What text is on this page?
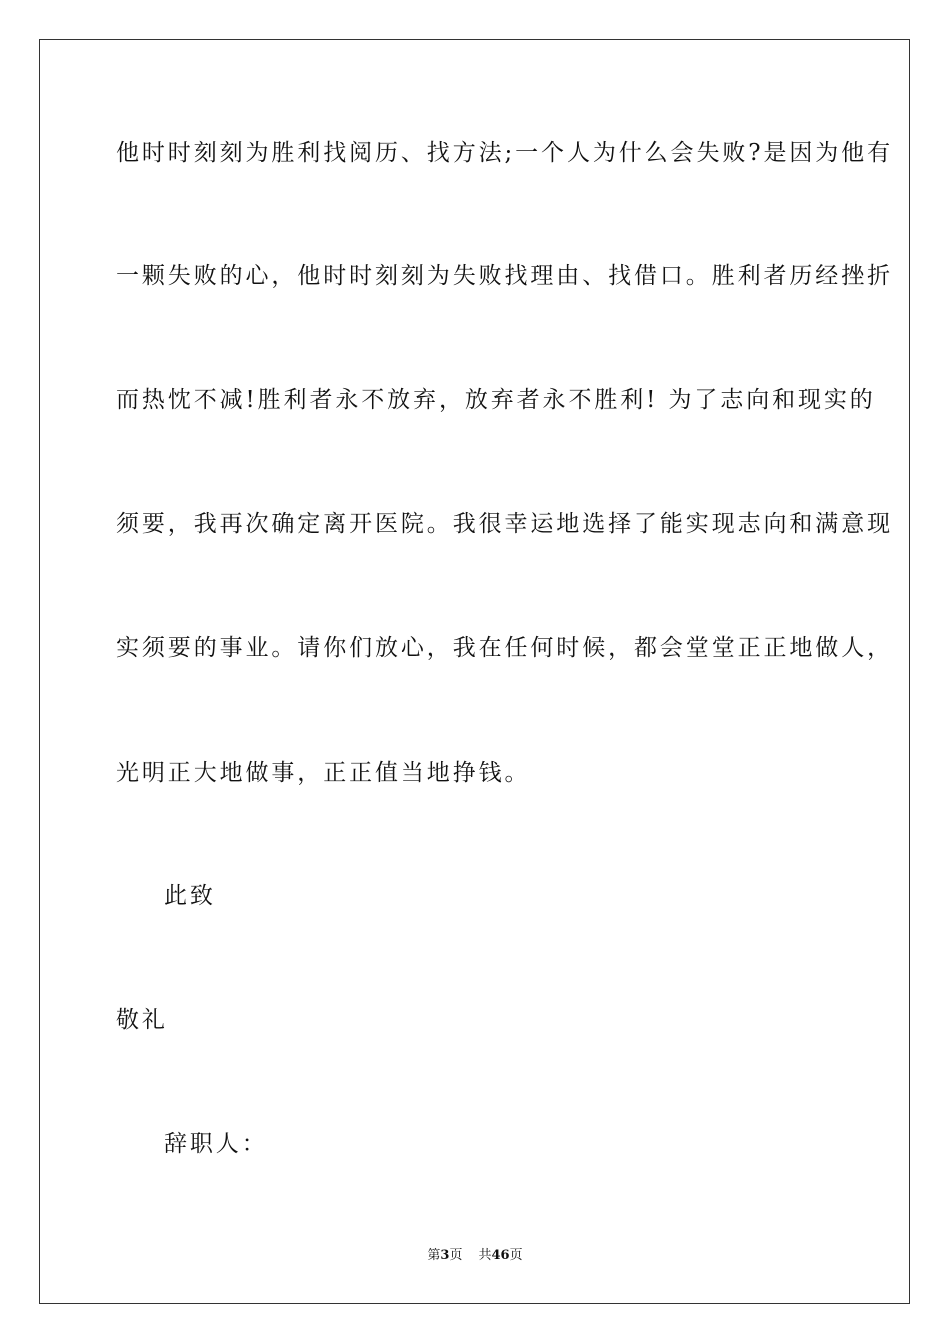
他时时刻刻为胜利找阅历、找方法;一个人为什么会失败?是因为他有
一颗失败的心，他时时刻刻为失败找理由、找借口。胜利者历经挫折
而热忱不减!胜利者永不放弃，放弃者永不胜利! 为了志向和现实的
须要，我再次确定离开医院。我很幸运地选择了能实现志向和满意现
实须要的事业。请你们放心，我在任何时候，都会堂堂正正地做人，
光明正大地做事，正正值当地挣钱。
此致
敬礼
辞职人：
第3页 共46页
